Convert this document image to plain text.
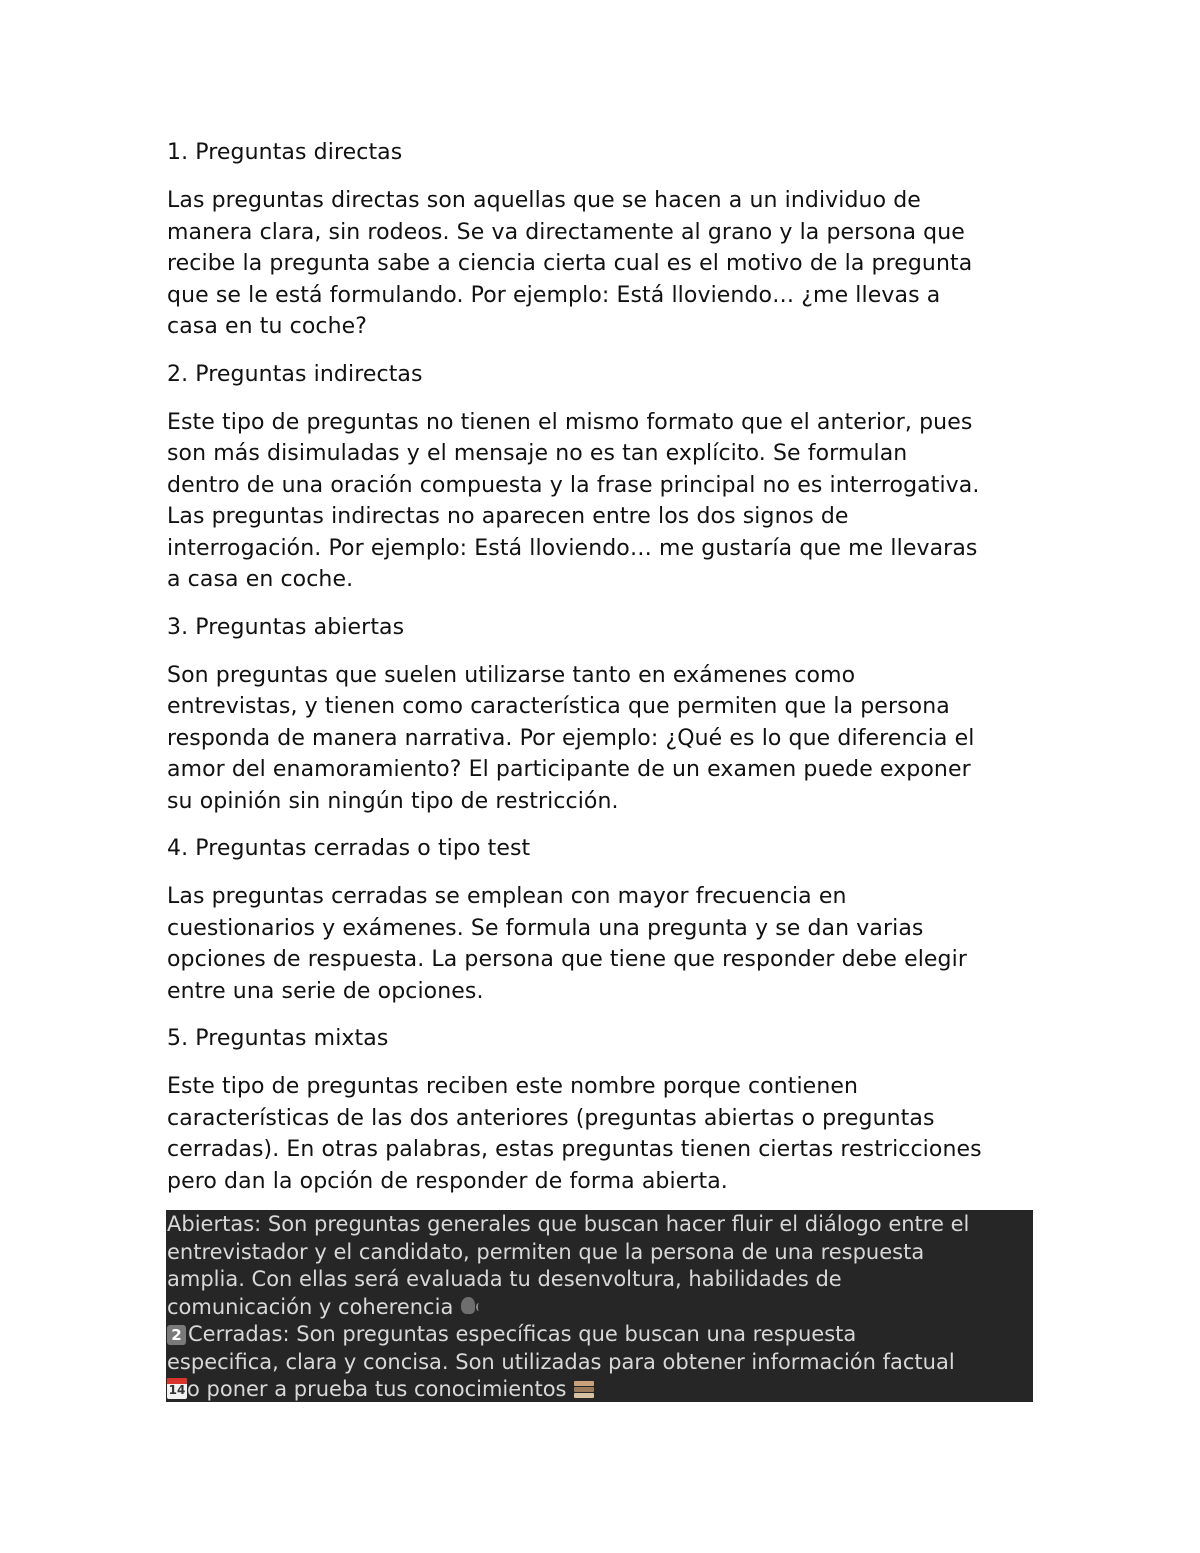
1. Preguntas directas
Las preguntas directas son aquellas que se hacen a un individuo de
manera clara, sin rodeos. Se va directamente al grano y la persona que
recibe la pregunta sabe a ciencia cierta cual es el motivo de la pregunta
que se le está formulando. Por ejemplo: Está lloviendo… ¿me llevas a
casa en tu coche?
2. Preguntas indirectas
Este tipo de preguntas no tienen el mismo formato que el anterior, pues
son más disimuladas y el mensaje no es tan explícito. Se formulan
dentro de una oración compuesta y la frase principal no es interrogativa.
Las preguntas indirectas no aparecen entre los dos signos de
interrogación. Por ejemplo: Está lloviendo… me gustaría que me llevaras
a casa en coche.
3. Preguntas abiertas
Son preguntas que suelen utilizarse tanto en exámenes como
entrevistas, y tienen como característica que permiten que la persona
responda de manera narrativa. Por ejemplo: ¿Qué es lo que diferencia el
amor del enamoramiento? El participante de un examen puede exponer
su opinión sin ningún tipo de restricción.
4. Preguntas cerradas o tipo test
Las preguntas cerradas se emplean con mayor frecuencia en
cuestionarios y exámenes. Se formula una pregunta y se dan varias
opciones de respuesta. La persona que tiene que responder debe elegir
entre una serie de opciones.
5. Preguntas mixtas
Este tipo de preguntas reciben este nombre porque contienen
características de las dos anteriores (preguntas abiertas o preguntas
cerradas). En otras palabras, estas preguntas tienen ciertas restricciones
pero dan la opción de responder de forma abierta.
Abiertas: Son preguntas generales que buscan hacer fluir el diálogo entre el
entrevistador y el candidato, permiten que la persona de una respuesta
amplia. Con ellas será evaluada tu desenvoltura, habilidades de
comunicación y coherencia
2 Cerradas: Son preguntas específicas que buscan una respuesta
especifica, clara y concisa. Son utilizadas para obtener información factual
14 o poner a prueba tus conocimientos
